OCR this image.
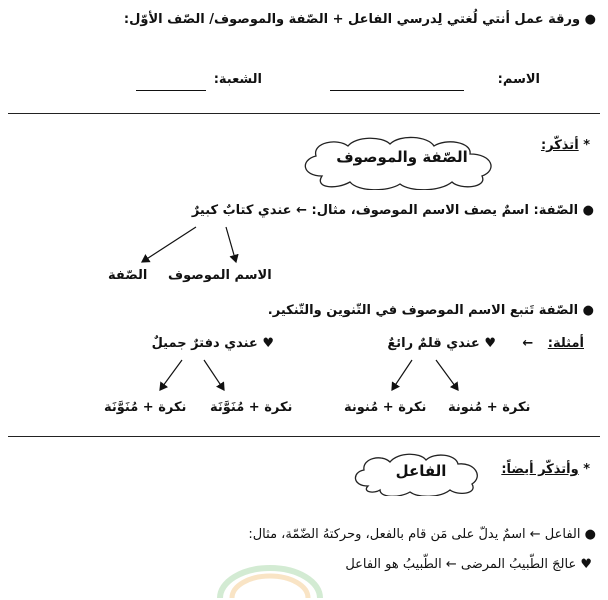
● ورقة عمل أنتي لُغتي لِدرسي الفاعل + الصّفة والموصوف/ الصّف الأوّل:
الاسم:
الشعبة:
* أتذكّر:
الصّفة والموصوف
● الصّفة: اسمٌ يصف الاسم الموصوف، مثال: ← عندي كتابٌ كبيرٌ
الاسم الموصوف
الصّفة
● الصّفة تَتبع الاسم الموصوف في التّنوين والتّنكير.
أمثلة: ←
♥ عندي قلمٌ رائعٌ
♥ عندي دفترٌ جميلٌ
نكرة + مُنونة
نكرة + مُنونة
نكرة + مُنَوَّنَة
نكرة + مُنَوَّنَة
* وأتذكّر أيضاً:
الفاعل
● الفاعل ← اسمٌ يدلّ على مَن قام بالفعل، وحركتهُ الضّمّة، مثال:
♥ عالجَ الطّبيبُ المرضى ← الطّبيبُ هو الفاعل
